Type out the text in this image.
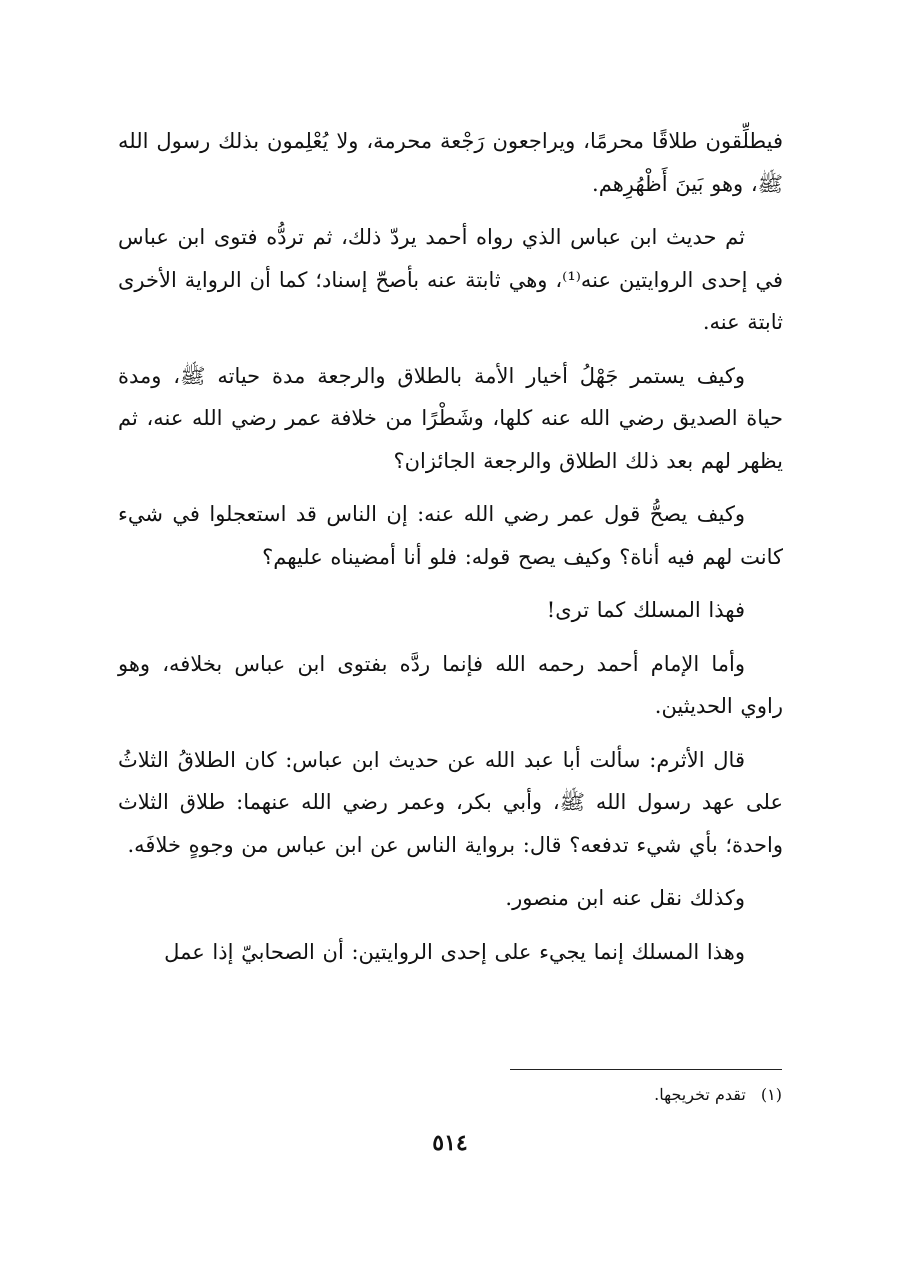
فيطلِّقون طلاقًا محرمًا، ويراجعون رَجْعة محرمة، ولا يُعْلِمون بذلك رسول الله ﷺ، وهو بَينَ أَظْهُرِهم.

ثم حديث ابن عباس الذي رواه أحمد يردّ ذلك، ثم تردُّه فتوى ابن عباس في إحدى الروايتين عنه⁽¹⁾، وهي ثابتة عنه بأصحّ إسناد؛ كما أن الرواية الأخرى ثابتة عنه.

وكيف يستمر جَهْلُ أخيار الأمة بالطلاق والرجعة مدة حياته ﷺ، ومدة حياة الصديق رضي الله عنه كلها، وشَطْرًا من خلافة عمر رضي الله عنه، ثم يظهر لهم بعد ذلك الطلاق والرجعة الجائزان؟

وكيف يصحُّ قول عمر رضي الله عنه: إن الناس قد استعجلوا في شيء كانت لهم فيه أناة؟ وكيف يصح قوله: فلو أنا أمضيناه عليهم؟

فهذا المسلك كما ترى!

وأما الإمام أحمد رحمه الله فإنما ردَّه بفتوى ابن عباس بخلافه، وهو راوي الحديثين.

قال الأثرم: سألت أبا عبد الله عن حديث ابن عباس: كان الطلاقُ الثلاثُ على عهد رسول الله ﷺ، وأبي بكر، وعمر رضي الله عنهما: طلاق الثلاث واحدة؛ بأي شيء تدفعه؟ قال: برواية الناس عن ابن عباس من وجوهٍ خلافَه.

وكذلك نقل عنه ابن منصور.

وهذا المسلك إنما يجيء على إحدى الروايتين: أن الصحابيّ إذا عمل

(١) تقدم تخريجها.
٥١٤
